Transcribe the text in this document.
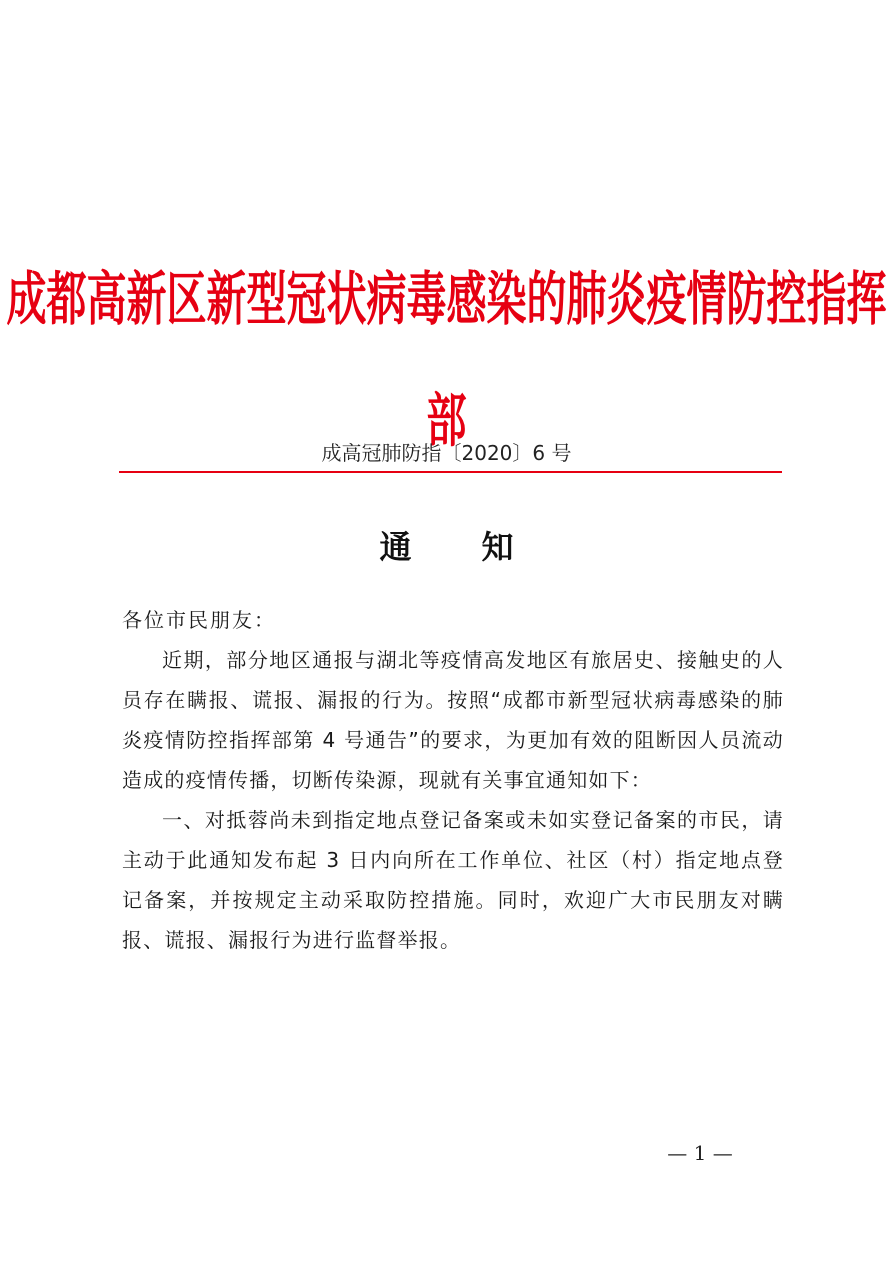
成都高新区新型冠状病毒感染的肺炎疫情防控指挥部
成高冠肺防指〔2020〕6 号
通知

各位市民朋友：

近期，部分地区通报与湖北等疫情高发地区有旅居史、接触史的人员存在瞒报、谎报、漏报的行为。按照“成都市新型冠状病毒感染的肺炎疫情防控指挥部第 4 号通告”的要求，为更加有效的阻断因人员流动造成的疫情传播，切断传染源，现就有关事宜通知如下：

一、对抵蓉尚未到指定地点登记备案或未如实登记备案的市民，请主动于此通知发布起 3 日内向所在工作单位、社区（村）指定地点登记备案，并按规定主动采取防控措施。同时，欢迎广大市民朋友对瞒报、谎报、漏报行为进行监督举报。

— 1 —
